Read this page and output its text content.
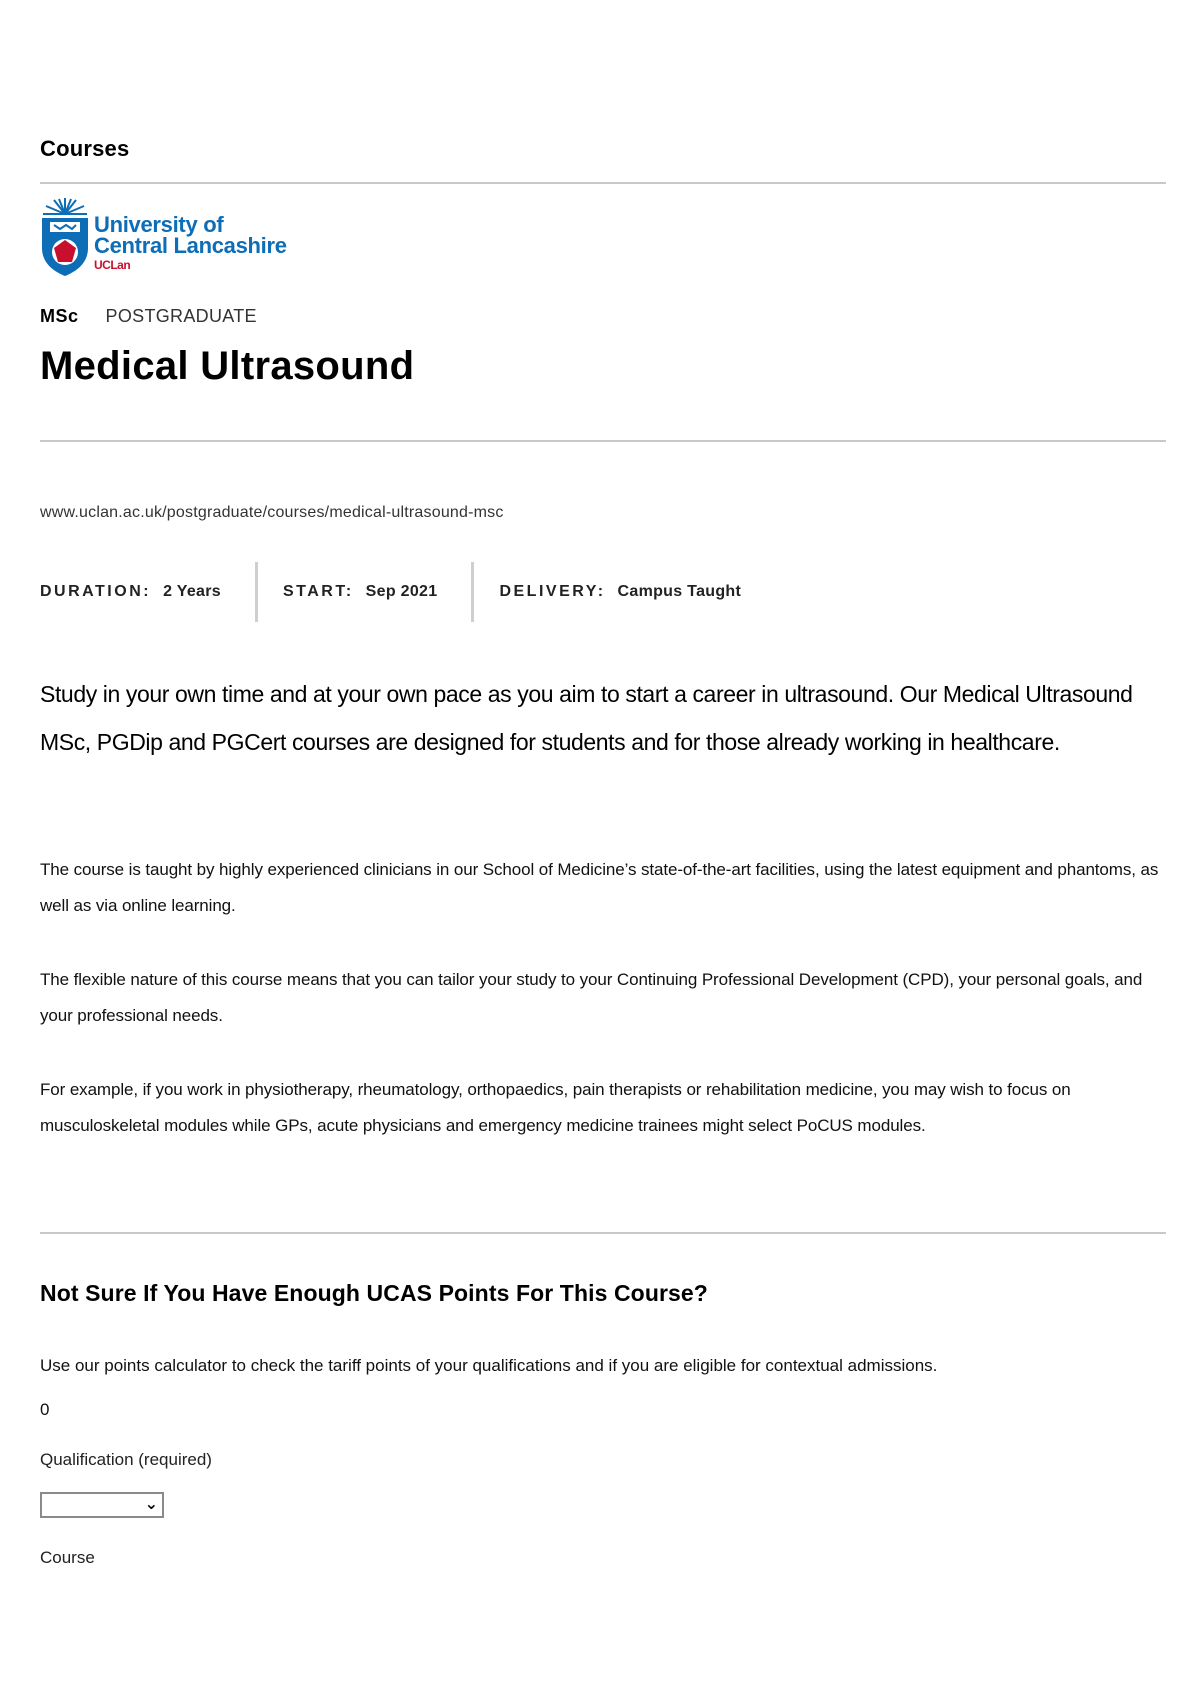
Courses
University of
Central Lancashire
UCLan
MSc POSTGRADUATE
Medical Ultrasound
www.uclan.ac.uk/postgraduate/courses/medical-ultrasound-msc
DURATION: 2 Years	START: Sep 2021	DELIVERY: Campus Taught

Study in your own time and at your own pace as you aim to start a career in ultrasound. Our Medical Ultrasound MSc, PGDip and PGCert courses are designed for students and for those already working in healthcare.

The course is taught by highly experienced clinicians in our School of Medicine’s state-of-the-art facilities, using the latest equipment and phantoms, as well as via online learning.

The flexible nature of this course means that you can tailor your study to your Continuing Professional Development (CPD), your personal goals, and your professional needs.

For example, if you work in physiotherapy, rheumatology, orthopaedics, pain therapists or rehabilitation medicine, you may wish to focus on musculoskeletal modules while GPs, acute physicians and emergency medicine trainees might select PoCUS modules.

Not Sure If You Have Enough UCAS Points For This Course?
Use our points calculator to check the tariff points of your qualifications and if you are eligible for contextual admissions.
0
Qualification (required)
⌄
Course
